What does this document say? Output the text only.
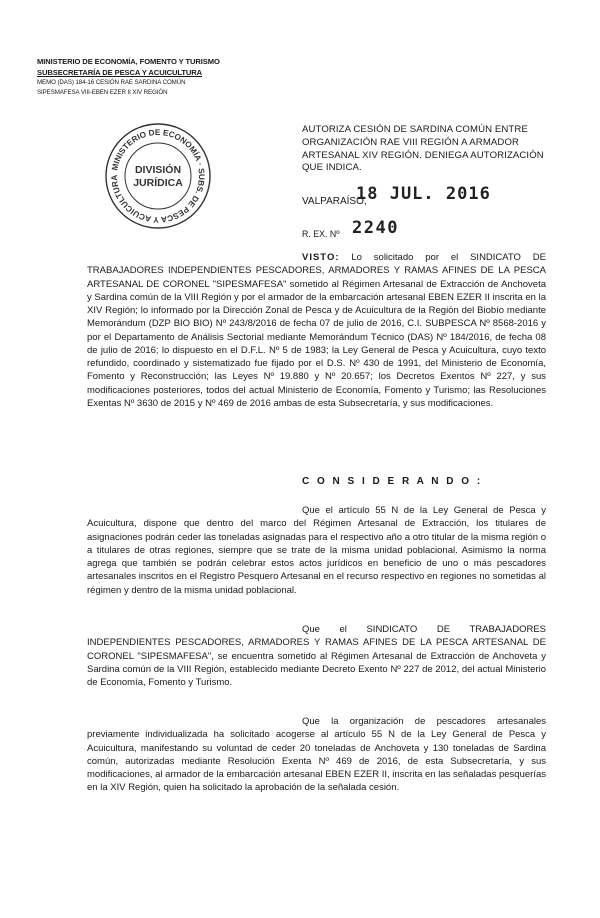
MINISTERIO DE ECONOMÍA, FOMENTO Y TURISMO
SUBSECRETARÍA DE PESCA Y ACUICULTURA
MEMO (DAS) 184-16 CESIÓN RAE SARDINA COMÚN
SIPESMAFESA VIII-EBEN EZER II XIV REGIÓN
MINISTERIO DE ECONOMÍA · SUBS. DE PESCA Y ACUICULTURA
DIVISIÓN
JURÍDICA
AUTORIZA CESIÓN DE SARDINA COMÚN ENTRE ORGANIZACIÓN RAE VIII REGIÓN A ARMADOR ARTESANAL XIV REGIÓN. DENIEGA AUTORIZACIÓN QUE INDICA.
VALPARAÍSO,
18 JUL. 2016
R. EX. Nº 2240
VISTO: Lo solicitado por el SINDICATO DE TRABAJADORES INDEPENDIENTES PESCADORES, ARMADORES Y RAMAS AFINES DE LA PESCA ARTESANAL DE CORONEL "SIPESMAFESA" sometido al Régimen Artesanal de Extracción de Anchoveta y Sardina común de la VIII Región y por el armador de la embarcación artesanal EBEN EZER II inscrita en la XIV Región; lo informado por la Dirección Zonal de Pesca y de Acuicultura de la Región del Biobío mediante Memorándum (DZP BIO BIO) Nº 243/8/2016 de fecha 07 de julio de 2016, C.I. SUBPESCA Nº 8568-2016 y por el Departamento de Análisis Sectorial mediante Memorándum Técnico (DAS) Nº 184/2016, de fecha 08 de julio de 2016; lo dispuesto en el D.F.L. Nº 5 de 1983; la Ley General de Pesca y Acuicultura, cuyo texto refundido, coordinado y sistematizado fue fijado por el D.S. Nº 430 de 1991, del Ministerio de Economía, Fomento y Reconstrucción; las Leyes Nº 19.880 y Nº 20.657; los Decretos Exentos Nº 227, y sus modificaciones posteriores, todos del actual Ministerio de Economía, Fomento y Turismo; las Resoluciones Exentas Nº 3630 de 2015 y Nº 469 de 2016 ambas de esta Subsecretaría, y sus modificaciones.
C O N S I D E R A N D O :
Que el artículo 55 N de la Ley General de Pesca y Acuicultura, dispone que dentro del marco del Régimen Artesanal de Extracción, los titulares de asignaciones podrán ceder las toneladas asignadas para el respectivo año a otro titular de la misma región o a titulares de otras regiones, siempre que se trate de la misma unidad poblacional. Asimismo la norma agrega que también se podrán celebrar estos actos jurídicos en beneficio de uno o más pescadores artesanales inscritos en el Registro Pesquero Artesanal en el recurso respectivo en regiones no sometidas al régimen y dentro de la misma unidad poblacional.
Que el SINDICATO DE TRABAJADORES INDEPENDIENTES PESCADORES, ARMADORES Y RAMAS AFINES DE LA PESCA ARTESANAL DE CORONEL "SIPESMAFESA", se encuentra sometido al Régimen Artesanal de Extracción de Anchoveta y Sardina común de la VIII Región, establecido mediante Decreto Exento Nº 227 de 2012, del actual Ministerio de Economía, Fomento y Turismo.
Que la organización de pescadores artesanales previamente individualizada ha solicitado acogerse al artículo 55 N de la Ley General de Pesca y Acuicultura, manifestando su voluntad de ceder 20 toneladas de Anchoveta y 130 toneladas de Sardina común, autorizadas mediante Resolución Exenta Nº 469 de 2016, de esta Subsecretaría, y sus modificaciones, al armador de la embarcación artesanal EBEN EZER II, inscrita en las señaladas pesquerías en la XIV Región, quien ha solicitado la aprobación de la señalada cesión.
